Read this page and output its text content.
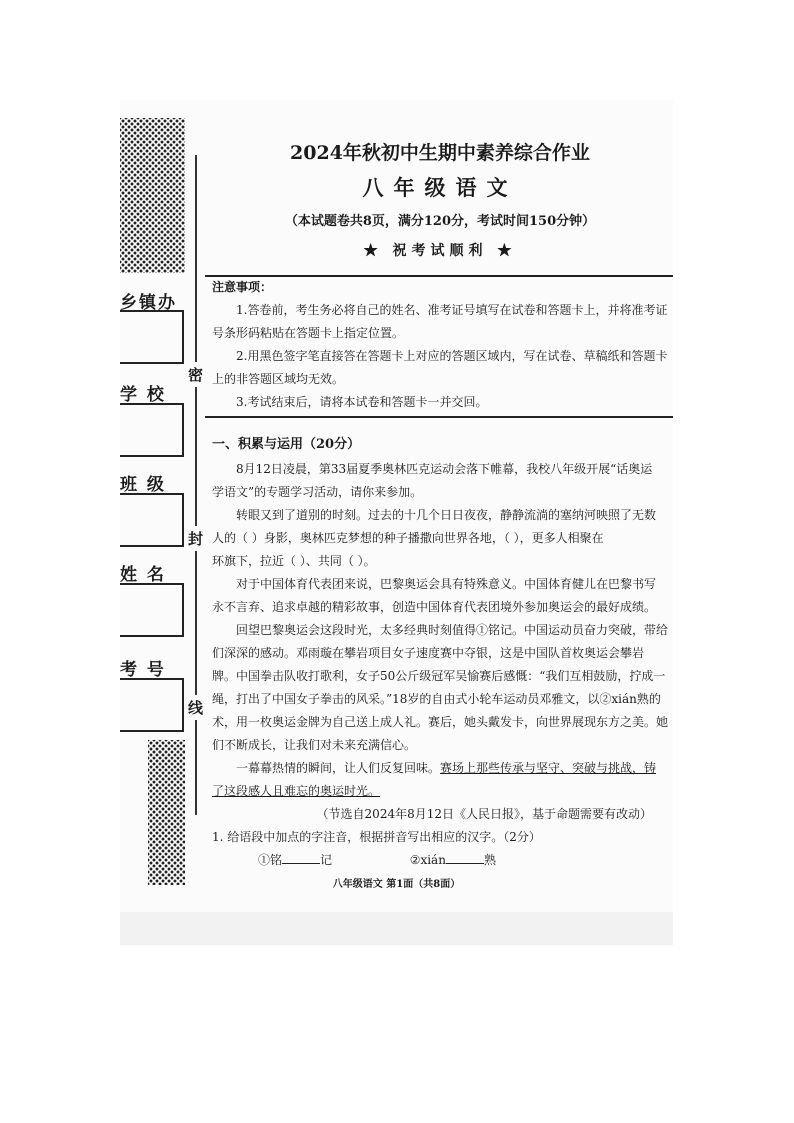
密
封
线
乡镇办
学 校
班 级
姓 名
考 号
2024年秋初中生期中素养综合作业
八年级语文
（本试题卷共8页，满分120分，考试时间150分钟）
★ 祝考试顺利 ★
注意事项：
1.答卷前，考生务必将自己的姓名、准考证号填写在试卷和答题卡上，并将准考证
号条形码粘贴在答题卡上指定位置。
2.用黑色签字笔直接答在答题卡上对应的答题区域内，写在试卷、草稿纸和答题卡
上的非答题区域均无效。
3.考试结束后，请将本试卷和答题卡一并交回。
一、积累与运用（20分）
8月12日凌晨，第33届夏季奥林匹克运动会落下帷幕，我校八年级开展“话奥运
学语文”的专题学习活动，请你来参加。
转眼又到了道别的时刻。过去的十几个日日夜夜，静静流淌的塞纳河映照了无数
人的（ ）身影，奥林匹克梦想的种子播撒向世界各地，（ ），更多人相聚在
环旗下，拉近（ ）、共同（ ）。
对于中国体育代表团来说，巴黎奥运会具有特殊意义。中国体育健儿在巴黎书写
永不言弃、追求卓越的精彩故事，创造中国体育代表团境外参加奥运会的最好成绩。
回望巴黎奥运会这段时光，太多经典时刻值得①铭记。中国运动员奋力突破，带给
们深深的感动。邓雨璇在攀岩项目女子速度赛中夺银，这是中国队首枚奥运会攀岩
牌。中国拳击队收打歌利，女子50公斤级冠军吴愉赛后感慨：“我们互相鼓励，拧成一
绳，打出了中国女子拳击的风采。”18岁的自由式小轮车运动员邓雅文，以②xián熟的
术，用一枚奥运金牌为自己送上成人礼。赛后，她头戴发卡，向世界展现东方之美。她
们不断成长，让我们对未来充满信心。
一幕幕热情的瞬间，让人们反复回味。赛场上那些传承与坚守、突破与挑战，铸
了这段感人且难忘的奥运时光。
（节选自2024年8月12日《人民日报》，基于命题需要有改动）
1. 给语段中加点的字注音，根据拼音写出相应的汉字。（2分）
①铭	记	②xián	熟
八年级语文 第1面（共8面）
